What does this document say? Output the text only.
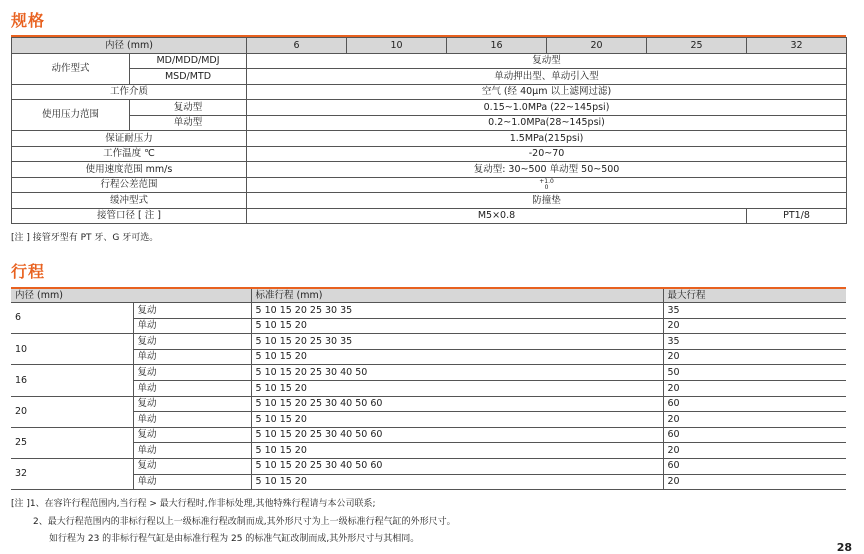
规格
内径 (mm)		6	10	16	20	25	32
动作型式	MD/MDD/MDJ	复动型					
	MSD/MTD	单动押出型、单动引入型					
工作介质		空气 (经 40μm 以上滤网过滤)					
使用压力范围	复动型	0.15~1.0MPa (22~145psi)					
	单动型	0.2~1.0MPa(28~145psi)					
保证耐压力		1.5MPa(215psi)					
工作温度 ℃		-20~70					
使用速度范围 mm/s		复动型: 30~500 单动型 50~500					
行程公差范围		+1.0
0					
缓冲型式		防撞垫					
接管口径 [ 注 ]		M5×0.8					PT1/8
[注 ] 接管牙型有 PT 牙、G 牙可选。
行程
内径 (mm)		标准行程 (mm)	最大行程
6	复动	5 10 15 20 25 30 35	35
	单动	5 10 15 20	20
10	复动	5 10 15 20 25 30 35	35
	单动	5 10 15 20	20
16	复动	5 10 15 20 25 30 40 50	50
	单动	5 10 15 20	20
20	复动	5 10 15 20 25 30 40 50 60	60
	单动	5 10 15 20	20
25	复动	5 10 15 20 25 30 40 50 60	60
	单动	5 10 15 20	20
32	复动	5 10 15 20 25 30 40 50 60	60
	单动	5 10 15 20	20
[注 ]1、在容许行程范围内,当行程 > 最大行程时,作非标处理,其他特殊行程请与本公司联系;
2、最大行程范围内的非标行程以上一级标准行程改制而成,其外形尺寸为上一级标准行程气缸的外形尺寸。
如行程为 23 的非标行程气缸是由标准行程为 25 的标准气缸改制而成,其外形尺寸与其相同。
28
